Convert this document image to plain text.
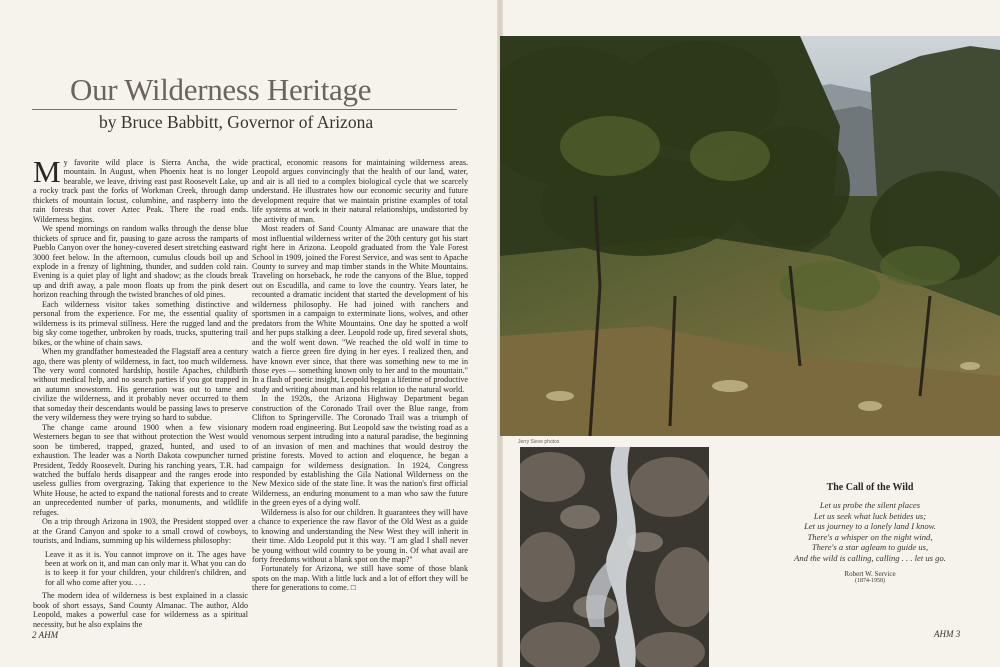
Our Wilderness Heritage
by Bruce Babbitt, Governor of Arizona

My favorite wild place is Sierra Ancha, the wide mountain. In August, when Phoenix heat is no longer bearable, we leave, driving east past Roosevelt Lake, up a rocky track past the forks of Workman Creek, through damp thickets of mountain locust, columbine, and raspberry into the rain forests that cover Aztec Peak. There the road ends. Wilderness begins.

We spend mornings on random walks through the dense blue thickets of spruce and fir, pausing to gaze across the ramparts of Pueblo Canyon over the honey-covered desert stretching eastward 3000 feet below. In the afternoon, cumulus clouds boil up and explode in a frenzy of lightning, thunder, and sudden cold rain. Evening is a quiet play of light and shadow; as the clouds break up and drift away, a pale moon floats up from the pink desert horizon reaching through the twisted branches of old pines.

Each wilderness visitor takes something distinctive and personal from the experience. For me, the essential quality of wilderness is its primeval stillness. Here the rugged land and the big sky come together, unbroken by roads, trucks, sputtering trail bikes, or the whine of chain saws.

When my grandfather homesteaded the Flagstaff area a century ago, there was plenty of wilderness, in fact, too much wilderness. The very word connoted hardship, hostile Apaches, childbirth without medical help, and no search parties if you got trapped in an autumn snowstorm. His generation was out to tame and civilize the wilderness, and it probably never occurred to them that someday their descendants would be passing laws to preserve the very wilderness they were trying so hard to subdue.

The change came around 1900 when a few visionary Westerners began to see that without protection the West would soon be timbered, trapped, grazed, hunted, and used to exhaustion. The leader was a North Dakota cowpuncher turned President, Teddy Roosevelt. During his ranching years, T.R. had watched the buffalo herds disappear and the ranges erode into useless gullies from overgrazing. Taking that experience to the White House, he acted to expand the national forests and to create an unprecedented number of parks, monuments, and wildlife refuges.

On a trip through Arizona in 1903, the President stopped over at the Grand Canyon and spoke to a small crowd of cowboys, tourists, and Indians, summing up his wilderness philosophy:

Leave it as it is. You cannot improve on it. The ages have been at work on it, and man can only mar it. What you can do is to keep it for your children, your children's children, and for all who come after you. . . .

The modern idea of wilderness is best explained in a classic book of short essays, Sand County Almanac. The author, Aldo Leopold, makes a powerful case for wilderness as a spiritual necessity, but he also explains the

practical, economic reasons for maintaining wilderness areas. Leopold argues convincingly that the health of our land, water, and air is all tied to a complex biological cycle that we scarcely understand. He illustrates how our economic security and future development require that we maintain pristine examples of total life systems at work in their natural relationships, undistorted by the activity of man.

Most readers of Sand County Almanac are unaware that the most influential wilderness writer of the 20th century got his start right here in Arizona. Leopold graduated from the Yale Forest School in 1909, joined the Forest Service, and was sent to Apache County to survey and map timber stands in the White Mountains. Traveling on horseback, he rode the canyons of the Blue, topped out on Escudilla, and came to love the country. Years later, he recounted a dramatic incident that started the development of his wilderness philosophy. He had joined with ranchers and sportsmen in a campaign to exterminate lions, wolves, and other predators from the White Mountains. One day he spotted a wolf and her pups stalking a deer. Leopold rode up, fired several shots, and the wolf went down. "We reached the old wolf in time to watch a fierce green fire dying in her eyes. I realized then, and have known ever since, that there was something new to me in those eyes — something known only to her and to the mountain." In a flash of poetic insight, Leopold began a lifetime of productive study and writing about man and his relation to the natural world.

In the 1920s, the Arizona Highway Department began construction of the Coronado Trail over the Blue range, from Clifton to Springerville. The Coronado Trail was a triumph of modern road engineering. But Leopold saw the twisting road as a venomous serpent intruding into a natural paradise, the beginning of an invasion of men and machines that would destroy the pristine forests. Moved to action and eloquence, he began a campaign for wilderness designation. In 1924, Congress responded by establishing the Gila National Wilderness on the New Mexico side of the state line. It was the nation's first official Wilderness, an enduring monument to a man who saw the future in the green eyes of a dying wolf.

Wilderness is also for our children. It guarantees they will have a chance to experience the raw flavor of the Old West as a guide to knowing and understanding the New West they will inherit in their time. Aldo Leopold put it this way. "I am glad I shall never be young without wild country to be young in. Of what avail are forty freedoms without a blank spot on the map?"

Fortunately for Arizona, we still have some of those blank spots on the map. With a little luck and a lot of effort they will be there for generations to come. □

2 AHM
Jerry Sieve photos
The Call of the Wild
Let us probe the silent places
Let us seek what luck betides us;
Let us journey to a lonely land I know.
There's a whisper on the night wind,
There's a star agleam to guide us,
And the wild is calling, calling . . . let us go.
Robert W. Service
(1874-1958)
AHM 3
